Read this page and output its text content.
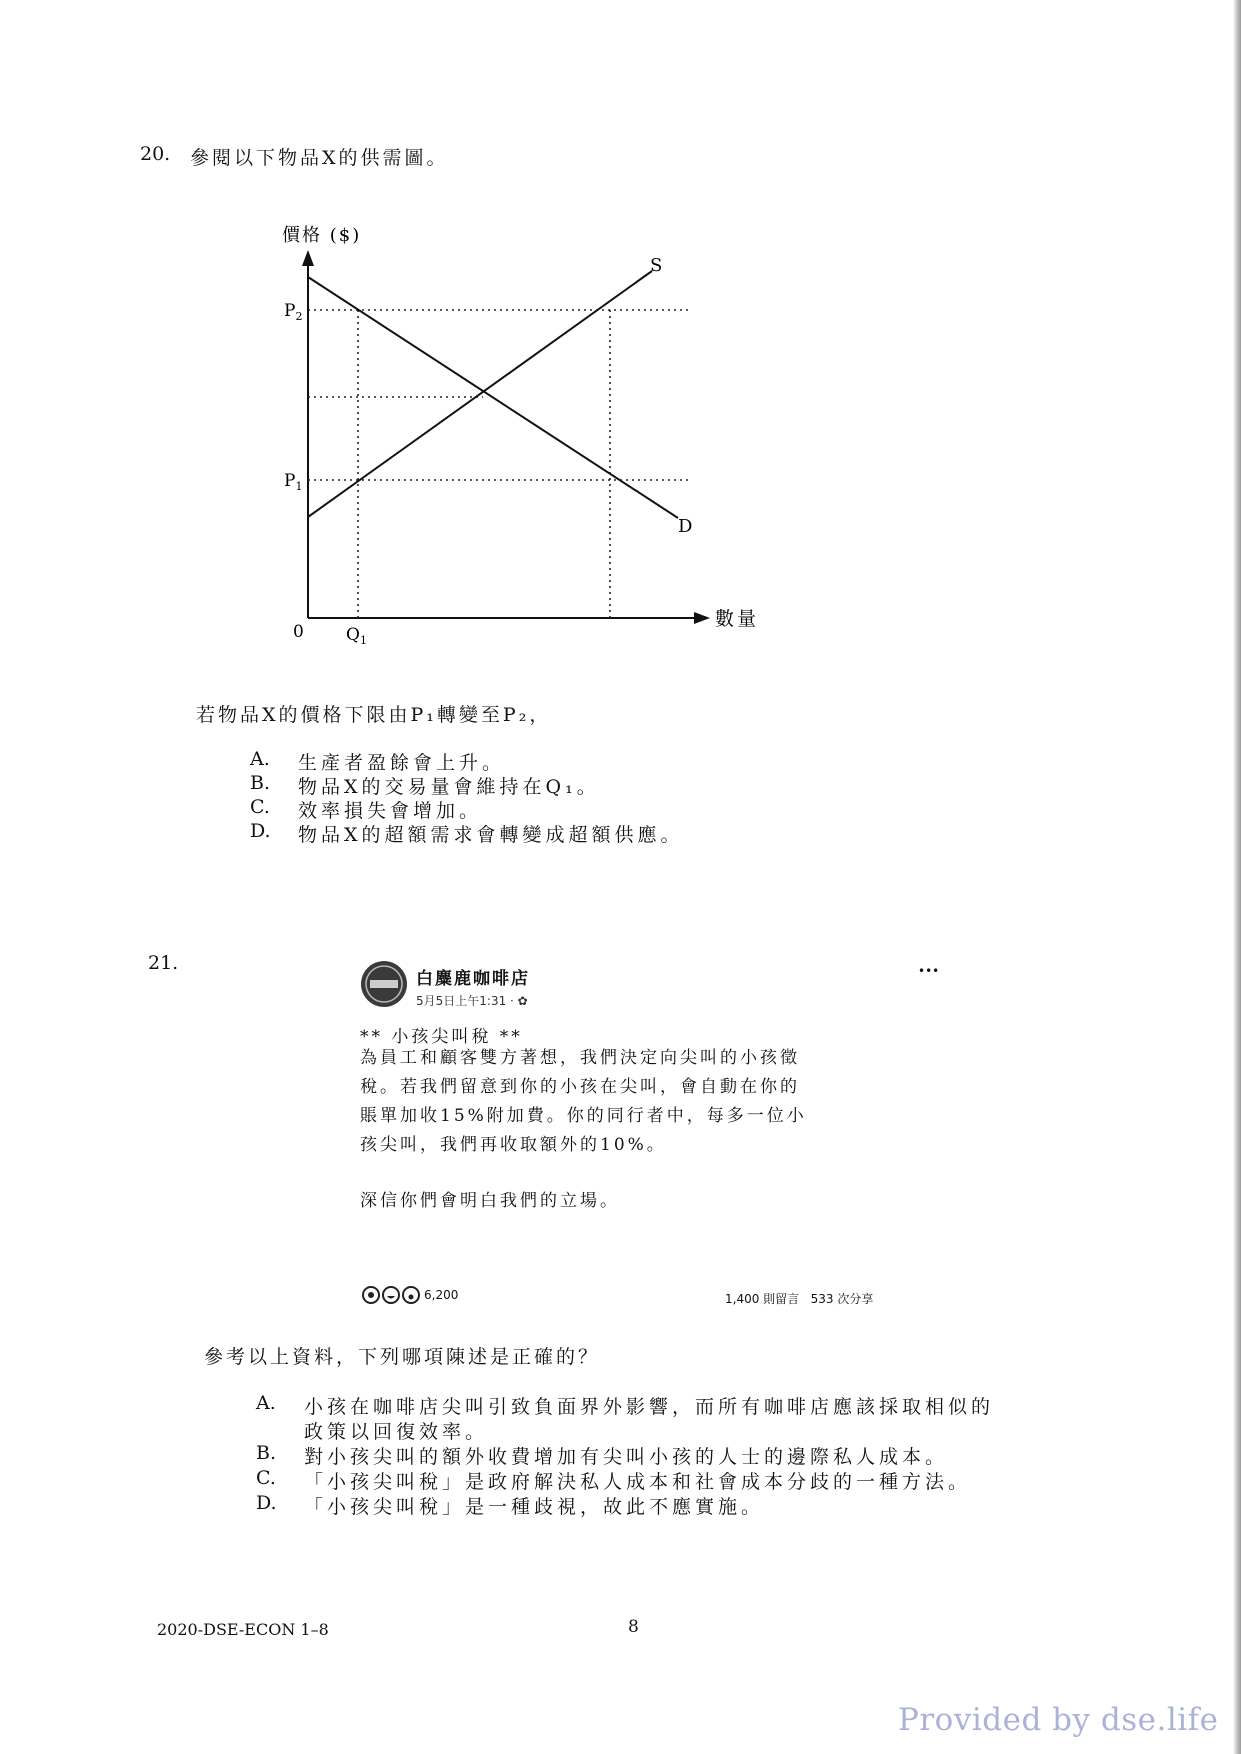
20. 參閱以下物品X的供需圖。
價格 ($)
數量
S
D
0
$P_2$
$P_1$
$Q_1$
若物品X的價格下限由P₁轉變至P₂，
A. 生產者盈餘會上升。
B. 物品X的交易量會維持在Q₁。
C. 效率損失會增加。
D. 物品X的超額需求會轉變成超額供應。
21.
白麋鹿咖啡店
5月5日上午1:31 · ✿
•••
** 小孩尖叫稅 **
為員工和顧客雙方著想，我們決定向尖叫的小孩徵
稅。若我們留意到你的小孩在尖叫，會自動在你的
賬單加收15%附加費。你的同行者中，每多一位小
孩尖叫，我們再收取額外的10%。
深信你們會明白我們的立場。
6,200	1,400 則留言   533 次分享
參考以上資料，下列哪項陳述是正確的？
A. 小孩在咖啡店尖叫引致負面界外影響，而所有咖啡店應該採取相似的
政策以回復效率。
B. 對小孩尖叫的額外收費增加有尖叫小孩的人士的邊際私人成本。
C. 「小孩尖叫稅」是政府解決私人成本和社會成本分歧的一種方法。
D. 「小孩尖叫稅」是一種歧視，故此不應實施。
2020-DSE-ECON 1–8	8
Provided by dse.life
